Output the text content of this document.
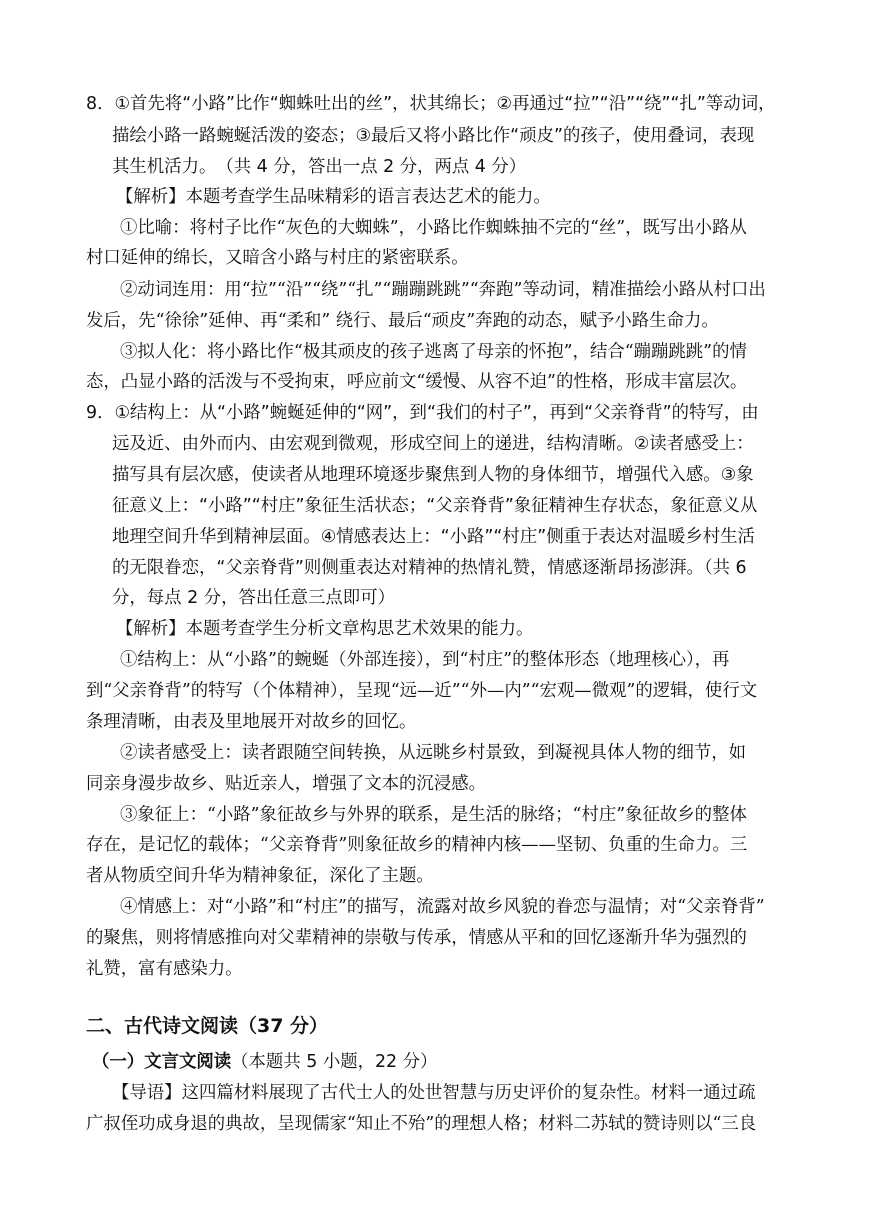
8．①首先将“小路”比作“蜘蛛吐出的丝”，状其绵长；②再通过“拉”“沿”“绕”“扎”等动词，
描绘小路一路蜿蜒活泼的姿态；③最后又将小路比作“顽皮”的孩子，使用叠词，表现
其生机活力。　（共 4 分，答出一点 2 分，两点 4 分）
【解析】本题考查学生品味精彩的语言表达艺术的能力。
①比喻：将村子比作“灰色的大蜘蛛”，小路比作蜘蛛抽不完的“丝”，既写出小路从
村口延伸的绵长，又暗含小路与村庄的紧密联系。
②动词连用：用“拉”“沿”“绕”“扎”“蹦蹦跳跳”“奔跑”等动词，精准描绘小路从村口出
发后，先“徐徐”延伸、再“柔和” 绕行、最后“顽皮”奔跑的动态，赋予小路生命力。
③拟人化：将小路比作“极其顽皮的孩子逃离了母亲的怀抱”，结合“蹦蹦跳跳”的情
态，凸显小路的活泼与不受拘束，呼应前文“缓慢、从容不迫”的性格，形成丰富层次。
9．①结构上：从“小路”蜿蜒延伸的“网”，到“我们的村子”，再到“父亲脊背”的特写，由
远及近、由外而内、由宏观到微观，形成空间上的递进，结构清晰。②读者感受上：
描写具有层次感，使读者从地理环境逐步聚焦到人物的身体细节，增强代入感。③象
征意义上：“小路”“村庄”象征生活状态；“父亲脊背”象征精神生存状态，象征意义从
地理空间升华到精神层面。④情感表达上：“小路”“村庄”侧重于表达对温暖乡村生活
的无限眷恋，“父亲脊背”则侧重表达对精神的热情礼赞，情感逐渐昂扬澎湃。（共 6
分，每点 2 分，答出任意三点即可）
【解析】本题考查学生分析文章构思艺术效果的能力。
①结构上：从“小路”的蜿蜒（外部连接），到“村庄”的整体形态（地理核心），再
到“父亲脊背”的特写（个体精神），呈现“远—近”“外—内”“宏观—微观”的逻辑，使行文
条理清晰，由表及里地展开对故乡的回忆。
②读者感受上：读者跟随空间转换，从远眺乡村景致，到凝视具体人物的细节，如
同亲身漫步故乡、贴近亲人，增强了文本的沉浸感。
③象征上：“小路”象征故乡与外界的联系，是生活的脉络；“村庄”象征故乡的整体
存在，是记忆的载体；“父亲脊背”则象征故乡的精神内核——坚韧、负重的生命力。三
者从物质空间升华为精神象征，深化了主题。
④情感上：对“小路”和“村庄”的描写，流露对故乡风貌的眷恋与温情；对“父亲脊背”
的聚焦，则将情感推向对父辈精神的崇敬与传承，情感从平和的回忆逐渐升华为强烈的
礼赞，富有感染力。
二、古代诗文阅读（37 分）
（一）文言文阅读（本题共 5 小题，22 分）
【导语】这四篇材料展现了古代士人的处世智慧与历史评价的复杂性。材料一通过疏
广叔侄功成身退的典故，呈现儒家“知止不殆”的理想人格；材料二苏轼的赞诗则以“三良
